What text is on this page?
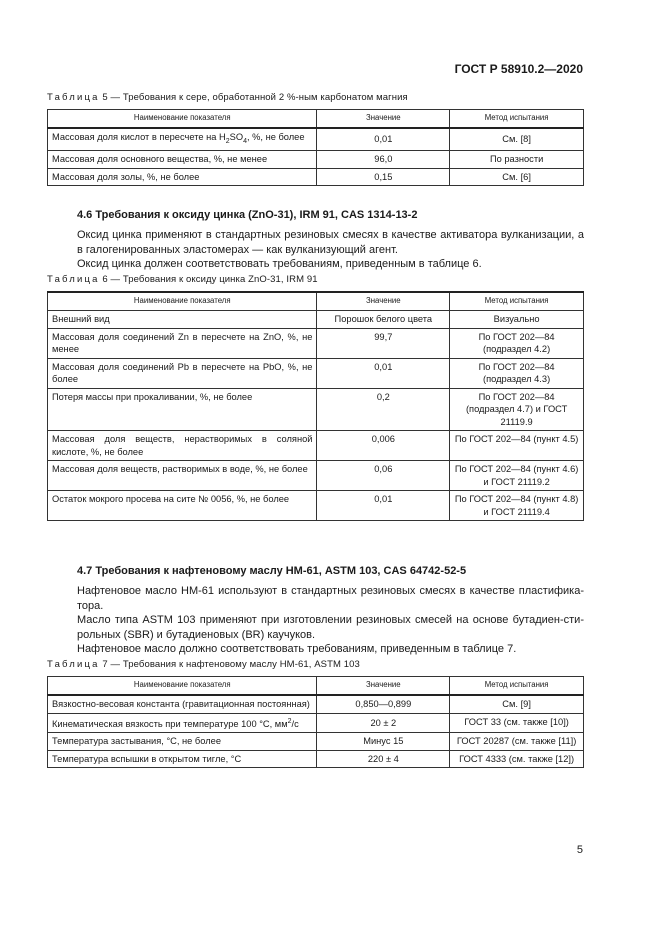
ГОСТ Р 58910.2—2020
Таблица 5 — Требования к сере, обработанной 2 %-ным карбонатом магния
Наименование показателя	Значение	Метод испытания
Массовая доля кислот в пересчете на $H_2SO_4$, %, не более	0,01	См. [8]
Массовая доля основного вещества, %, не менее	96,0	По разности
Массовая доля золы, %, не более	0,15	См. [6]
4.6 Требования к оксиду цинка (ZnO-31), IRM 91, CAS 1314-13-2
Оксид цинка применяют в стандартных резиновых смесях в качестве активатора вулканизации, а в галогенированных эластомерах — как вулканизующий агент.
Оксид цинка должен соответствовать требованиям, приведенным в таблице 6.
Таблица 6 — Требования к оксиду цинка ZnO-31, IRM 91
Наименование показателя	Значение	Метод испытания
Внешний вид	Порошок белого цвета	Визуально
Массовая доля соединений Zn в пересчете на ZnO, %, не менее	99,7	По ГОСТ 202—84 (подраздел 4.2)
Массовая доля соединений Pb в пересчете на PbO, %, не более	0,01	По ГОСТ 202—84 (подраздел 4.3)
Потеря массы при прокаливании, %, не более	0,2	По ГОСТ 202—84 (подраздел 4.7) и ГОСТ 21119.9
Массовая доля веществ, нерастворимых в соляной кислоте, %, не более	0,006	По ГОСТ 202—84 (пункт 4.5)
Массовая доля веществ, растворимых в воде, %, не более	0,06	По ГОСТ 202—84 (пункт 4.6) и ГОСТ 21119.2
Остаток мокрого просева на сите № 0056, %, не более	0,01	По ГОСТ 202—84 (пункт 4.8) и ГОСТ 21119.4
4.7 Требования к нафтеновому маслу НМ-61, ASTM 103, CAS 64742-52-5
Нафтеновое масло НМ-61 используют в стандартных резиновых смесях в качестве пластификатора.
Масло типа ASTM 103 применяют при изготовлении резиновых смесей на основе бутадиен-стирольных (SBR) и бутадиеновых (BR) каучуков.
Нафтеновое масло должно соответствовать требованиям, приведенным в таблице 7.
Таблица 7 — Требования к нафтеновому маслу НМ-61, ASTM 103
Наименование показателя	Значение	Метод испытания
Вязкостно-весовая константа (гравитационная постоянная)	0,850—0,899	См. [9]
Кинематическая вязкость при температуре 100 °С, $мм^2/с$	20 ± 2	ГОСТ 33 (см. также [10])
Температура застывания, °С, не более	Минус 15	ГОСТ 20287 (см. также [11])
Температура вспышки в открытом тигле, °С	220 ± 4	ГОСТ 4333 (см. также [12])
5
